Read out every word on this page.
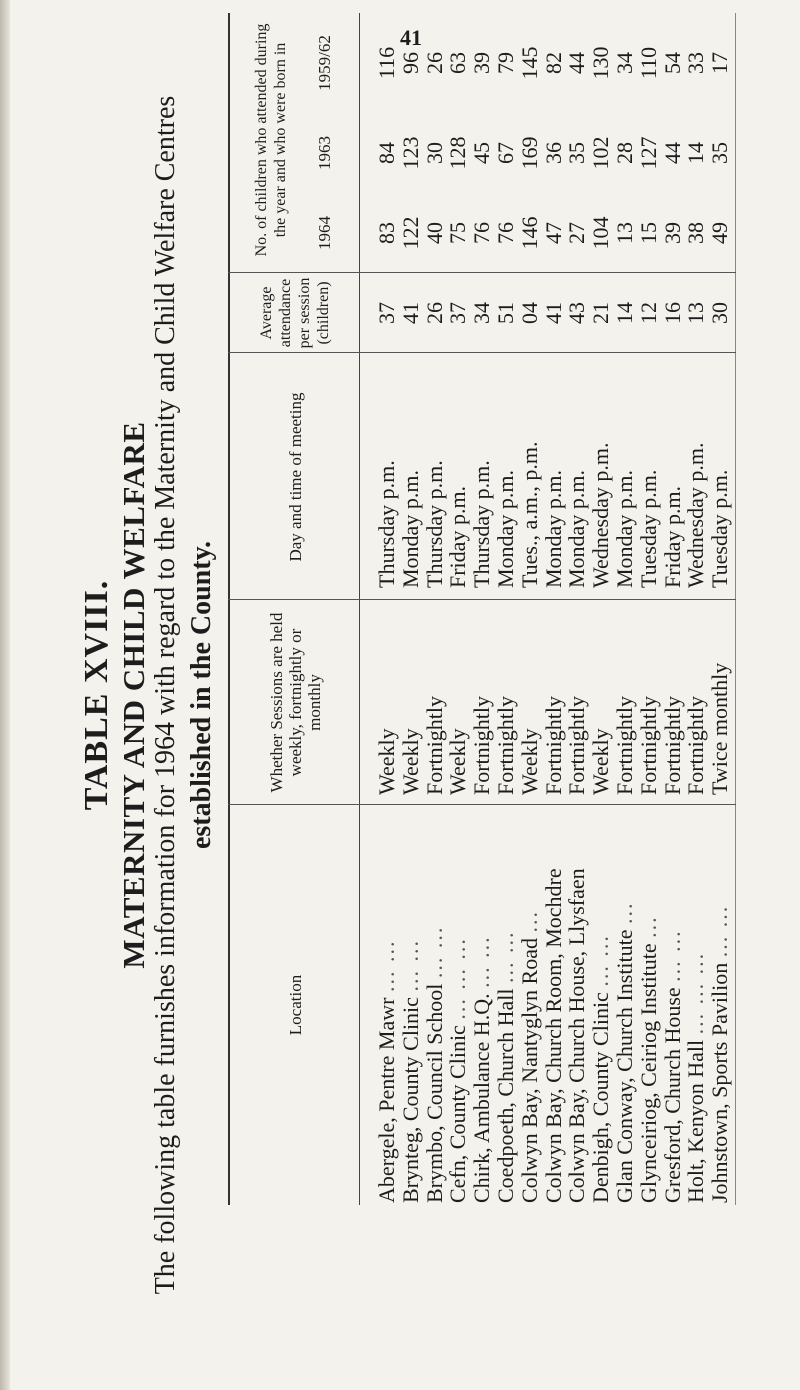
TABLE XVIII. MATERNITY AND CHILD WELFARE The following table furnishes information for 1964 with regard to the Maternity and Child Welfare Centres established in the County.
Location
Whether Sessions are held weekly, fortnightly or monthly
Day and time of meeting
Average attendance per session (children)
No. of children who attended during the year and who were born in	1964
1963
1959/62
Abergele, Pentre Mawr ... ...
Weekly
Thursday p.m.
37
83
84
116
Brynteg, County Clinic ... ...
Weekly
Monday p.m.
41
122
123
96
Brymbo, Council School ... ...
Fortnightly
Thursday p.m.
26
40
30
26
Cefn, County Clinic ... ... ...
Weekly
Friday p.m.
37
75
128
63
Chirk, Ambulance H.Q. ... ...
Fortnightly
Thursday p.m.
34
76
45
39
Coedpoeth, Church Hall ... ...
Fortnightly
Monday p.m.
51
76
67
79
Colwyn Bay, Nantyglyn Road ...
Weekly
Tues., a.m., p.m.
04
146
169
145
Colwyn Bay, Church Room, Mochdre
Fortnightly
Monday p.m.
41
47
36
82
Colwyn Bay, Church House, Llysfaen
Fortnightly
Monday p.m.
43
27
35
44
Denbigh, County Clinic ... ...
Weekly
Wednesday p.m.
21
104
102
130
Glan Conway, Church Institute ...
Fortnightly
Monday p.m.
14
13
28
34
Glynceiriog, Ceiriog Institute ...
Fortnightly
Tuesday p.m.
12
15
127
110
Gresford, Church House ... ...
Fortnightly
Friday p.m.
16
39
44
54
Holt, Kenyon Hall ... ... ...
Fortnightly
Wednesday p.m.
13
38
14
33
Johnstown, Sports Pavilion ... ...
Twice monthly
Tuesday p.m.
30
49
35
17
41
